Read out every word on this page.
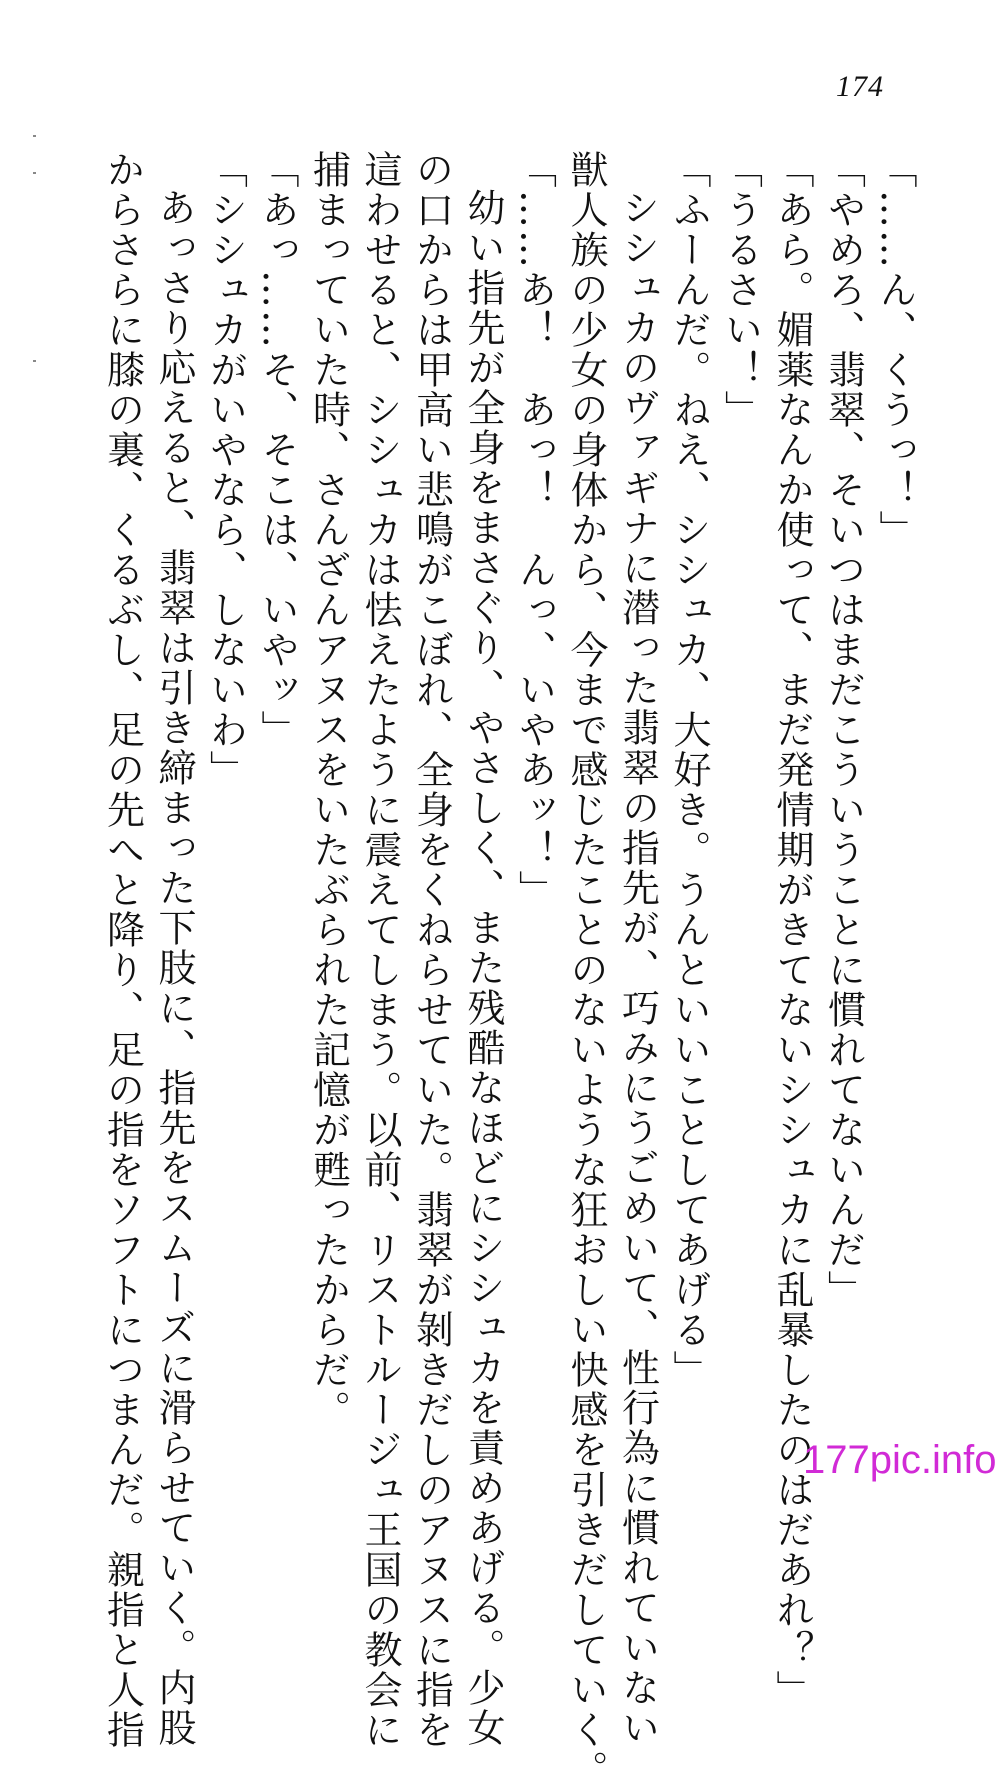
174
「……ん、くうっ！」
「やめろ、翡翠、そいつはまだこういうことに慣れてないんだ」
「あら。媚薬なんか使って、まだ発情期がきてないシシュカに乱暴したのはだあれ？」
「うるさい！」
「ふーんだ。ねえ、シシュカ、大好き。うんといいことしてあげる」
シシュカのヴァギナに潜った翡翠の指先が、巧みにうごめいて、性行為に慣れていない
獣人族の少女の身体から、今まで感じたことのないような狂おしい快感を引きだしていく。
「……あ！　あっ！　んっ、いやあッ！」
幼い指先が全身をまさぐり、やさしく、また残酷なほどにシシュカを責めあげる。少女
の口からは甲高い悲鳴がこぼれ、全身をくねらせていた。翡翠が剝きだしのアヌスに指を
這わせると、シシュカは怯えたように震えてしまう。以前、リストルージュ王国の教会に
捕まっていた時、さんざんアヌスをいたぶられた記憶が甦ったからだ。
「あっ……そ、そこは、いやッ」
「シシュカがいやなら、しないわ」
あっさり応えると、翡翠は引き締まった下肢に、指先をスムーズに滑らせていく。内股
からさらに膝の裏、くるぶし、足の先へと降り、足の指をソフトにつまんだ。親指と人指	177pic.info
